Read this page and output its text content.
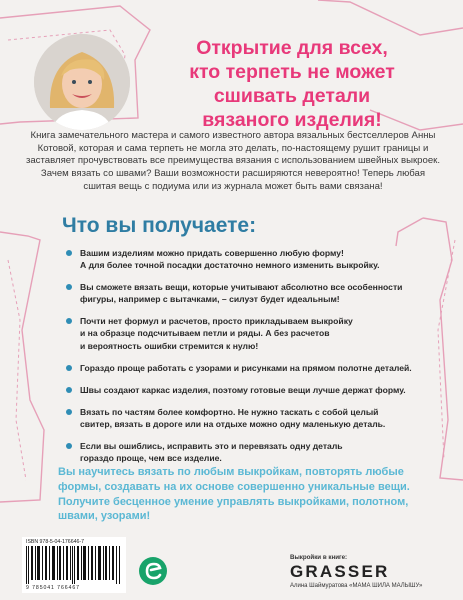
Открытие для всех,
кто терпеть не может
сшивать детали
вязаного изделия!

Книга замечательного мастера и самого известного автора вязальных бестселлеров Анны Котовой, которая и сама терпеть не могла это делать, по-настоящему рушит границы и заставляет прочувствовать все преимущества вязания с использованием швейных выкроек. Зачем вязать со швами? Ваши возможности расширяются невероятно! Теперь любая сшитая вещь с подиума или из журнала может быть вами связана!

Что вы получаете:
Вашим изделиям можно придать совершенно любую форму!
А для более точной посадки достаточно немного изменить выкройку.
Вы сможете вязать вещи, которые учитывают абсолютно все особенности
фигуры, например с вытачками, – силуэт будет идеальным!
Почти нет формул и расчетов, просто прикладываем выкройку
и на образце подсчитываем петли и ряды. А без расчетов
и вероятность ошибки стремится к нулю!
Гораздо проще работать с узорами и рисунками на прямом полотне деталей.
Швы создают каркас изделия, поэтому готовые вещи лучше держат форму.
Вязать по частям более комфортно. Не нужно таскать с собой целый
свитер, вязать в дороге или на отдыхе можно одну маленькую деталь.
Если вы ошиблись, исправить это и перевязать одну деталь
гораздо проще, чем все изделие.

Вы научитесь вязать по любым выкройкам, повторять любые
формы, создавать на их основе совершенно уникальные вещи.
Получите бесценное умение управлять выкройками, полотном,
швами, узорами!

ISBN 978-5-04-176646-7
9 785041 766467
Выкройки в книге:
GRASSER
Алина Шаймуратова «МАМА ШИЛА МАЛЫШУ»
